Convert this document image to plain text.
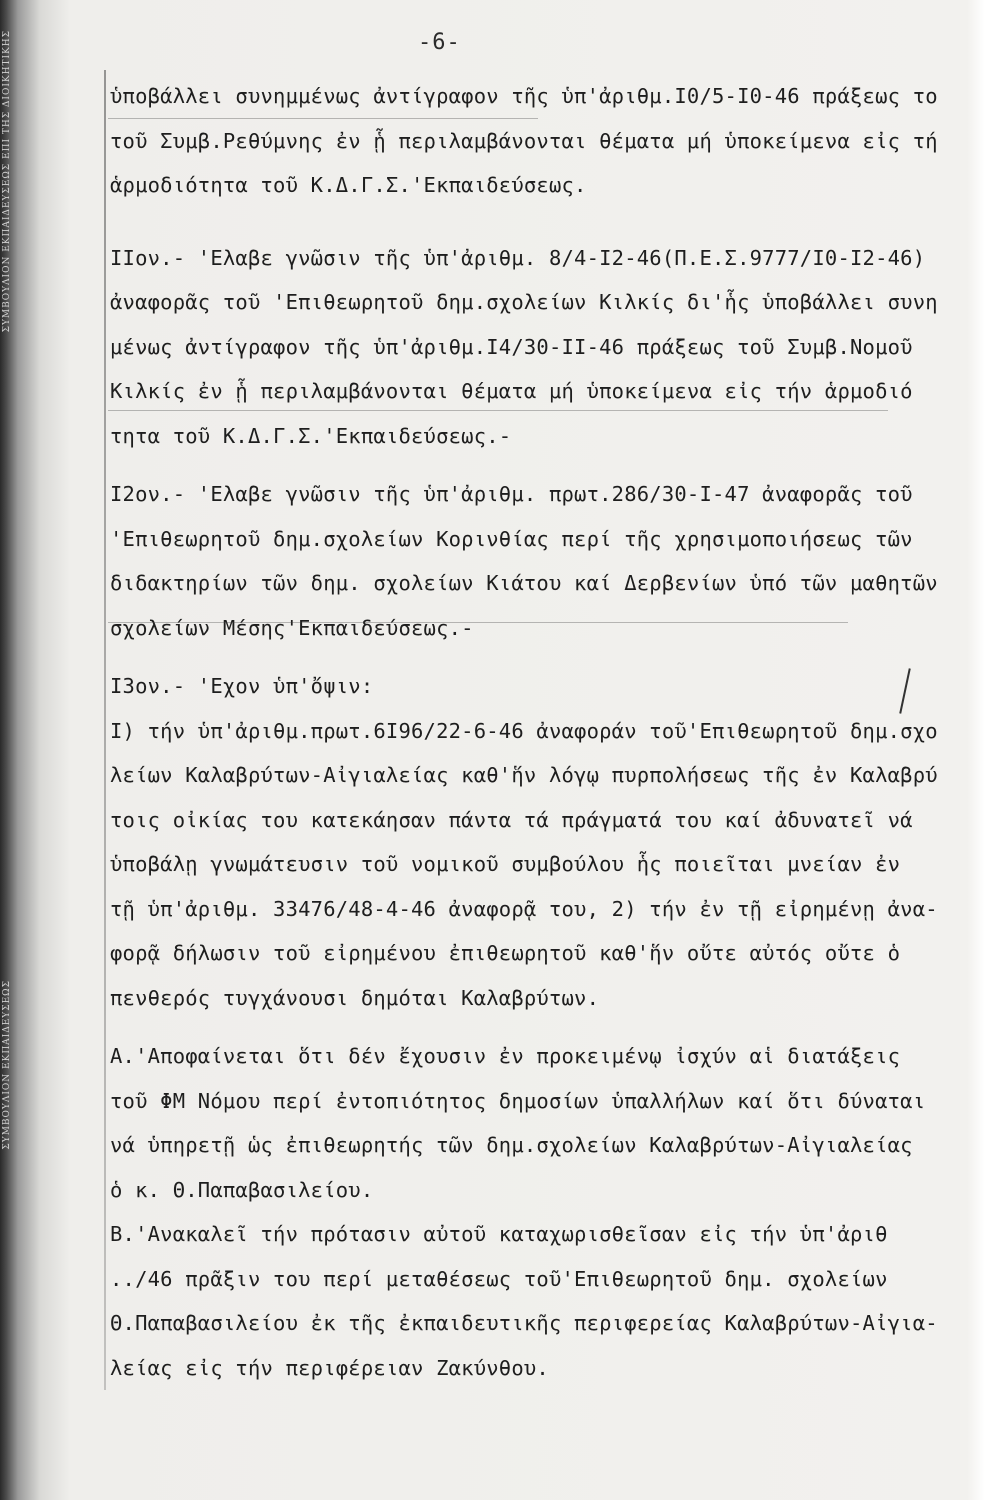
ΣΥΜΒΟΥΛΙΟΝ ΕΚΠΑΙΔΕΥΣΕΩΣ ΕΠΙ ΤΗΣ ΔΙΟΙΚΗΤΙΚΗΣ
ΣΥΜΒΟΥΛΙΟΝ ΕΚΠΑΙΔΕΥΣΕΩΣ
-6-
ὑποβάλλει συνημμένως ἀντίγραφον τῆς ὑπ'ἀριθμ.Ι0/5-Ι0-46 πράξεως το
τοῦ Συμβ.Ρεθύμνης ἐν ᾗ περιλαμβάνονται θέματα μή ὑποκείμενα εἰς τή
ἁρμοδιότητα τοῦ Κ.Δ.Γ.Σ.'Εκπαιδεύσεως.
ΙΙον.- 'Ελαβε γνῶσιν τῆς ὑπ'ἀριθμ. 8/4-Ι2-46(Π.Ε.Σ.9777/Ι0-Ι2-46)
ἀναφορᾶς τοῦ 'Επιθεωρητοῦ δημ.σχολείων Κιλκίς δι'ἧς ὑποβάλλει συνη
μένως ἀντίγραφον τῆς ὑπ'ἀριθμ.Ι4/30-ΙΙ-46 πράξεως τοῦ Συμβ.Νομοῦ
Κιλκίς ἐν ᾗ περιλαμβάνονται θέματα μή ὑποκείμενα εἰς τήν ἁρμοδιό
τητα τοῦ Κ.Δ.Γ.Σ.'Εκπαιδεύσεως.-
Ι2ον.- 'Ελαβε γνῶσιν τῆς ὑπ'ἀριθμ. πρωτ.286/30-Ι-47 ἀναφορᾶς τοῦ
'Επιθεωρητοῦ δημ.σχολείων Κορινθίας περί τῆς χρησιμοποιήσεως τῶν
διδακτηρίων τῶν δημ. σχολείων Κιάτου καί Δερβενίων ὑπό τῶν μαθητῶν
σχολείων Μέσης'Εκπαιδεύσεως.-
Ι3ον.- 'Εχον ὑπ'ὄψιν:
Ι) τήν ὑπ'ἀριθμ.πρωτ.6Ι96/22-6-46 ἀναφοράν τοῦ'Επιθεωρητοῦ δημ.σχο
λείων Καλαβρύτων-Αἰγιαλείας καθ'ἥν λόγῳ πυρπολήσεως τῆς ἐν Καλαβρύ
τοις οἰκίας του κατεκάησαν πάντα τά πράγματά του καί ἀδυνατεῖ νά
ὑποβάλῃ γνωμάτευσιν τοῦ νομικοῦ συμβούλου ἧς ποιεῖται μνείαν ἐν
τῇ ὑπ'ἀριθμ. 33476/48-4-46 ἀναφορᾷ του, 2) τήν ἐν τῇ εἰρημένῃ ἀνα-
φορᾷ δήλωσιν τοῦ εἰρημένου ἐπιθεωρητοῦ καθ'ἥν οὔτε αὐτός οὔτε ὁ
πενθερός τυγχάνουσι δημόται Καλαβρύτων.
Α.'Αποφαίνεται ὅτι δέν ἔχουσιν ἐν προκειμένῳ ἰσχύν αἱ διατάξεις
τοῦ ΦΜ Νόμου περί ἐντοπιότητος δημοσίων ὑπαλλήλων καί ὅτι δύναται
νά ὑπηρετῇ ὡς ἐπιθεωρητής τῶν δημ.σχολείων Καλαβρύτων-Αἰγιαλείας
ὁ κ. Θ.Παπαβασιλείου.
Β.'Ανακαλεῖ τήν πρότασιν αὐτοῦ καταχωρισθεῖσαν εἰς τήν ὑπ'ἀριθ
../46 πρᾶξιν του περί μεταθέσεως τοῦ'Επιθεωρητοῦ δημ. σχολείων
Θ.Παπαβασιλείου ἐκ τῆς ἐκπαιδευτικῆς περιφερείας Καλαβρύτων-Αἰγια-
λείας εἰς τήν περιφέρειαν Ζακύνθου.
